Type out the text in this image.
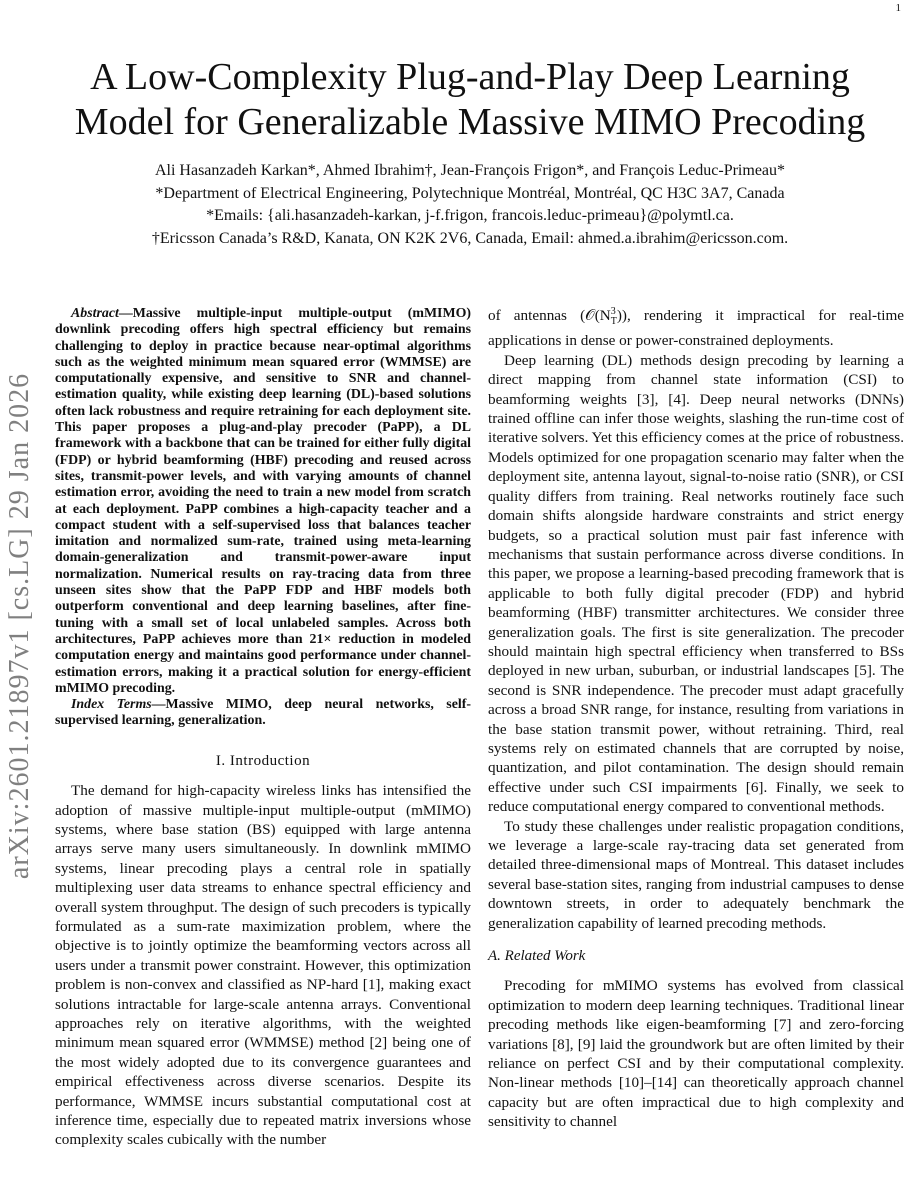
1
arXiv:2601.21897v1 [cs.LG] 29 Jan 2026
A Low-Complexity Plug-and-Play Deep Learning
Model for Generalizable Massive MIMO Precoding
Ali Hasanzadeh Karkan*, Ahmed Ibrahim†, Jean-François Frigon*, and François Leduc-Primeau*
*Department of Electrical Engineering, Polytechnique Montréal, Montréal, QC H3C 3A7, Canada
*Emails: {ali.hasanzadeh-karkan, j-f.frigon, francois.leduc-primeau}@polymtl.ca.
†Ericsson Canada’s R&D, Kanata, ON K2K 2V6, Canada, Email: ahmed.a.ibrahim@ericsson.com.

Abstract—Massive multiple-input multiple-output (mMIMO) downlink precoding offers high spectral efficiency but remains challenging to deploy in practice because near-optimal algorithms such as the weighted minimum mean squared error (WMMSE) are computationally expensive, and sensitive to SNR and channel-estimation quality, while existing deep learning (DL)-based solutions often lack robustness and require retraining for each deployment site. This paper proposes a plug-and-play precoder (PaPP), a DL framework with a backbone that can be trained for either fully digital (FDP) or hybrid beamforming (HBF) precoding and reused across sites, transmit-power levels, and with varying amounts of channel estimation error, avoiding the need to train a new model from scratch at each deployment. PaPP combines a high-capacity teacher and a compact student with a self-supervised loss that balances teacher imitation and normalized sum-rate, trained using meta-learning domain-generalization and transmit-power-aware input normalization. Numerical results on ray-tracing data from three unseen sites show that the PaPP FDP and HBF models both outperform conventional and deep learning baselines, after fine-tuning with a small set of local unlabeled samples. Across both architectures, PaPP achieves more than 21× reduction in modeled computation energy and maintains good performance under channel-estimation errors, making it a practical solution for energy-efficient mMIMO precoding.

Index Terms—Massive MIMO, deep neural networks, self-supervised learning, generalization.

I. Introduction

The demand for high-capacity wireless links has intensified the adoption of massive multiple-input multiple-output (mMIMO) systems, where base station (BS) equipped with large antenna arrays serve many users simultaneously. In downlink mMIMO systems, linear precoding plays a central role in spatially multiplexing user data streams to enhance spectral efficiency and overall system throughput. The design of such precoders is typically formulated as a sum-rate maximization problem, where the objective is to jointly optimize the beamforming vectors across all users under a transmit power constraint. However, this optimization problem is non-convex and classified as NP-hard [1], making exact solutions intractable for large-scale antenna arrays. Conventional approaches rely on iterative algorithms, with the weighted minimum mean squared error (WMMSE) method [2] being one of the most widely adopted due to its convergence guarantees and empirical effectiveness across diverse scenarios. Despite its performance, WMMSE incurs substantial computational cost at inference time, especially due to repeated matrix inversions whose complexity scales cubically with the number

of antennas $(𝒪(N^3_T))$, rendering it impractical for real-time applications in dense or power-constrained deployments.

Deep learning (DL) methods design precoding by learning a direct mapping from channel state information (CSI) to beamforming weights [3], [4]. Deep neural networks (DNNs) trained offline can infer those weights, slashing the run-time cost of iterative solvers. Yet this efficiency comes at the price of robustness. Models optimized for one propagation scenario may falter when the deployment site, antenna layout, signal-to-noise ratio (SNR), or CSI quality differs from training. Real networks routinely face such domain shifts alongside hardware constraints and strict energy budgets, so a practical solution must pair fast inference with mechanisms that sustain performance across diverse conditions. In this paper, we propose a learning-based precoding framework that is applicable to both fully digital precoder (FDP) and hybrid beamforming (HBF) transmitter architectures. We consider three generalization goals. The first is site generalization. The precoder should maintain high spectral efficiency when transferred to BSs deployed in new urban, suburban, or industrial landscapes [5]. The second is SNR independence. The precoder must adapt gracefully across a broad SNR range, for instance, resulting from variations in the base station transmit power, without retraining. Third, real systems rely on estimated channels that are corrupted by noise, quantization, and pilot contamination. The design should remain effective under such CSI impairments [6]. Finally, we seek to reduce computational energy compared to conventional methods.

To study these challenges under realistic propagation conditions, we leverage a large-scale ray-tracing data set generated from detailed three-dimensional maps of Montreal. This dataset includes several base-station sites, ranging from industrial campuses to dense downtown streets, in order to adequately benchmark the generalization capability of learned precoding methods.

A. Related Work

Precoding for mMIMO systems has evolved from classical optimization to modern deep learning techniques. Traditional linear precoding methods like eigen-beamforming [7] and zero-forcing variations [8], [9] laid the groundwork but are often limited by their reliance on perfect CSI and by their computational complexity. Non-linear methods [10]–[14] can theoretically approach channel capacity but are often impractical due to high complexity and sensitivity to channel
